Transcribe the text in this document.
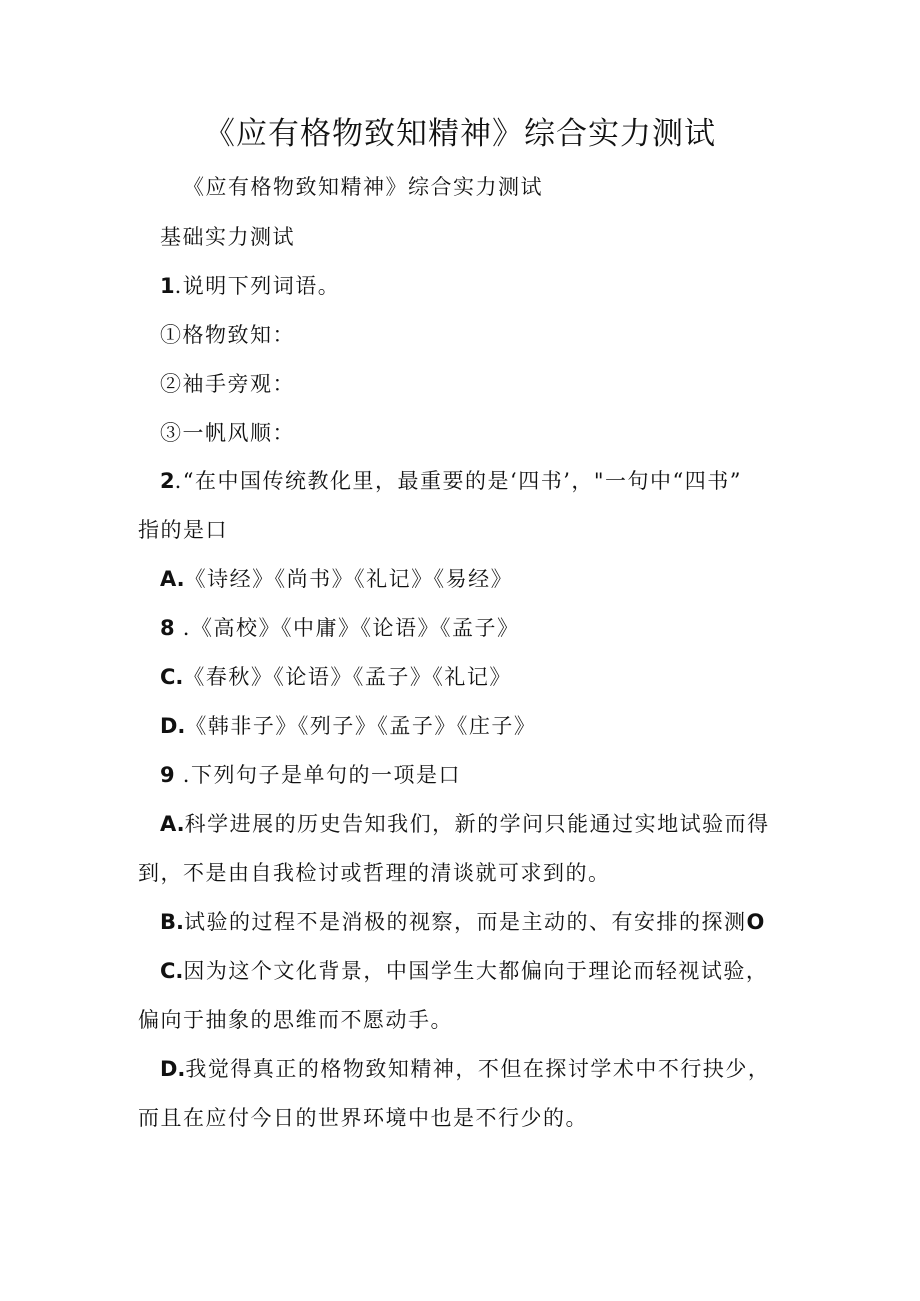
《应有格物致知精神》综合实力测试
《应有格物致知精神》综合实力测试
基础实力测试
1.说明下列词语。
①格物致知：
②袖手旁观：
③一帆风顺：
2.“在中国传统教化里，最重要的是‘四书’，"一句中“四书”
指的是口
A.《诗经》《尚书》《礼记》《易经》
8 .《高校》《中庸》《论语》《孟子》
C.《春秋》《论语》《孟子》《礼记》
D.《韩非子》《列子》《孟子》《庄子》
9 .下列句子是单句的一项是口
A.科学进展的历史告知我们，新的学问只能通过实地试验而得
到，不是由自我检讨或哲理的清谈就可求到的。
B.试验的过程不是消极的视察，而是主动的、有安排的探测O
C.因为这个文化背景，中国学生大都偏向于理论而轻视试验，
偏向于抽象的思维而不愿动手。
D.我觉得真正的格物致知精神，不但在探讨学术中不行抉少，
而且在应付今日的世界环境中也是不行少的。
